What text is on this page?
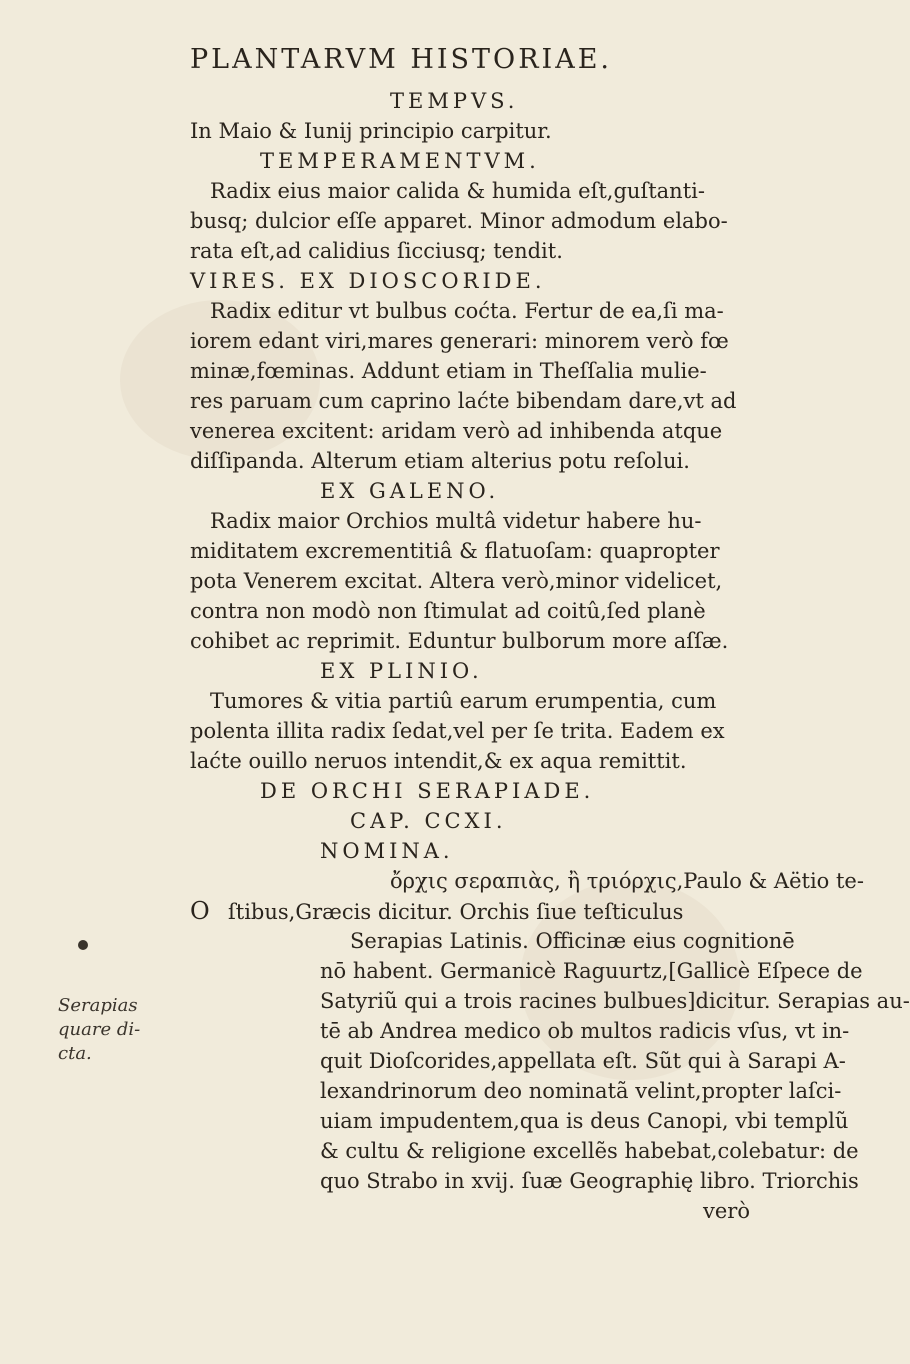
PLANTARVM HISTORIAE.
TEMPVS.
In Maio & Iunij principio carpitur.
TEMPERAMENTVM.
Radix eius maior calida & humida eſt,guſtanti-
busq; dulcior eſſe apparet. Minor admodum elabo-
rata eſt,ad calidius ſicciusq; tendit.
VIRES. EX DIOSCORIDE.
Radix editur vt bulbus coćta. Fertur de ea,ſi ma-
iorem edant viri,mares generari: minorem verò fœ
minæ,fœminas. Addunt etiam in Theſſalia mulie-
res paruam cum caprino laćte bibendam dare,vt ad
venerea excitent: aridam verò ad inhibenda atque
diſſipanda. Alterum etiam alterius potu reſolui.
EX GALENO.
Radix maior Orchios multâ videtur habere hu-
miditatem excrementitiâ & flatuoſam: quapropter
pota Venerem excitat. Altera verò,minor videlicet,
contra non modò non ſtimulat ad coitû,ſed planè
cohibet ac reprimit. Eduntur bulborum more aſſæ.
EX PLINIO.
Tumores & vitia partiû earum erumpentia, cum
polenta illita radix ſedat,vel per ſe trita. Eadem ex
laćte ouillo neruos intendit,& ex aqua remittit.
DE ORCHI SERAPIADE.
CAP. CCXI.
NOMINA.
ὄρχις σεραπιὰς, ἢ τριόρχις,Paulo & Aëtio te-
O ſtibus,Græcis dicitur. Orchis ſiue teſticulus
Serapias Latinis. Officinæ eius cognitionē
nō habent. Germanicè Raguurtz,[Gallicè Eſpece de
Satyriũ qui a trois racines bulbues]dicitur. Serapias au-
tē ab Andrea medico ob multos radicis vſus, vt in-
quit Dioſcorides,appellata eſt. Sũt qui à Sarapi A-
lexandrinorum deo nominatã velint,propter laſci-
uiam impudentem,qua is deus Canopi, vbi templũ
& cultu & religione excellẽs habebat,colebatur: de
quo Strabo in xvij. ſuæ Geographię libro. Triorchis
verò
Serapias quare di-cta.
